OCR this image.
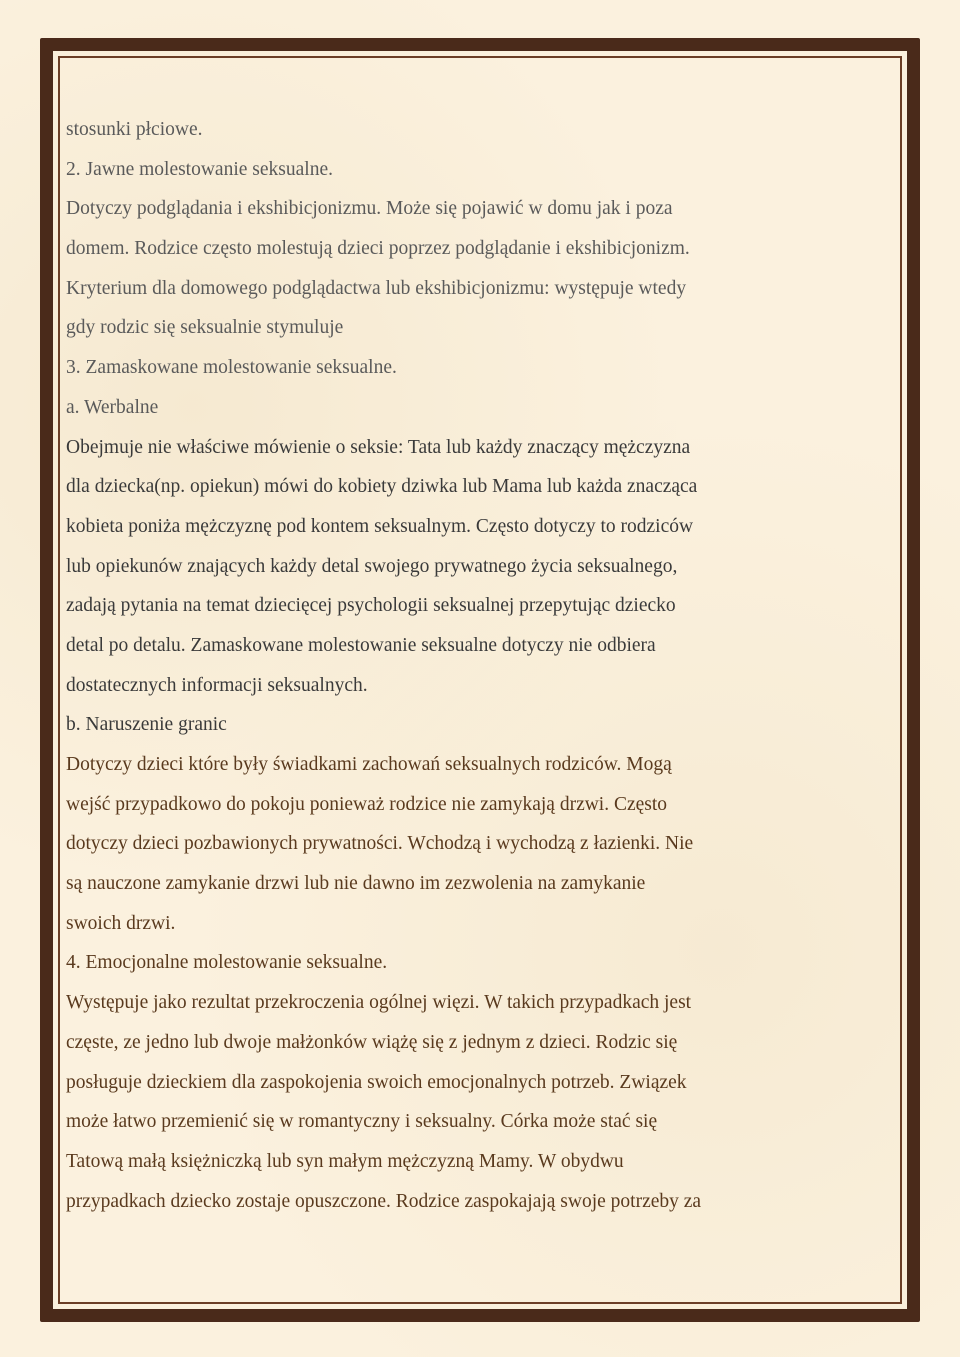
stosunki płciowe.
2. Jawne molestowanie seksualne.
Dotyczy podglądania i ekshibicjonizmu. Może się pojawić w domu jak i poza
domem. Rodzice często molestują dzieci poprzez podglądanie i ekshibicjonizm.
Kryterium dla domowego podglądactwa lub ekshibicjonizmu: występuje wtedy
gdy rodzic się seksualnie stymuluje
3. Zamaskowane molestowanie seksualne.
a. Werbalne
Obejmuje nie właściwe mówienie o seksie: Tata lub każdy znaczący mężczyzna
dla dziecka(np. opiekun) mówi do kobiety dziwka lub Mama lub każda znacząca
kobieta poniża mężczyznę pod kontem seksualnym. Często dotyczy to rodziców
lub opiekunów znających każdy detal swojego prywatnego życia seksualnego,
zadają pytania na temat dziecięcej psychologii seksualnej przepytując dziecko
detal po detalu. Zamaskowane molestowanie seksualne dotyczy nie odbiera
dostatecznych informacji seksualnych.
b. Naruszenie granic
Dotyczy dzieci które były świadkami zachowań seksualnych rodziców. Mogą
wejść przypadkowo do pokoju ponieważ rodzice nie zamykają drzwi. Często
dotyczy dzieci pozbawionych prywatności. Wchodzą i wychodzą z łazienki. Nie
są nauczone zamykanie drzwi lub nie dawno im zezwolenia na zamykanie
swoich drzwi.
4. Emocjonalne molestowanie seksualne.
Występuje jako rezultat przekroczenia ogólnej więzi. W takich przypadkach jest
częste, ze jedno lub dwoje małżonków wiążę się z jednym z dzieci. Rodzic się
posługuje dzieckiem dla zaspokojenia swoich emocjonalnych potrzeb. Związek
może łatwo przemienić się w romantyczny i seksualny. Córka może stać się
Tatową małą księżniczką lub syn małym mężczyzną Mamy. W obydwu
przypadkach dziecko zostaje opuszczone. Rodzice zaspokajają swoje potrzeby za
